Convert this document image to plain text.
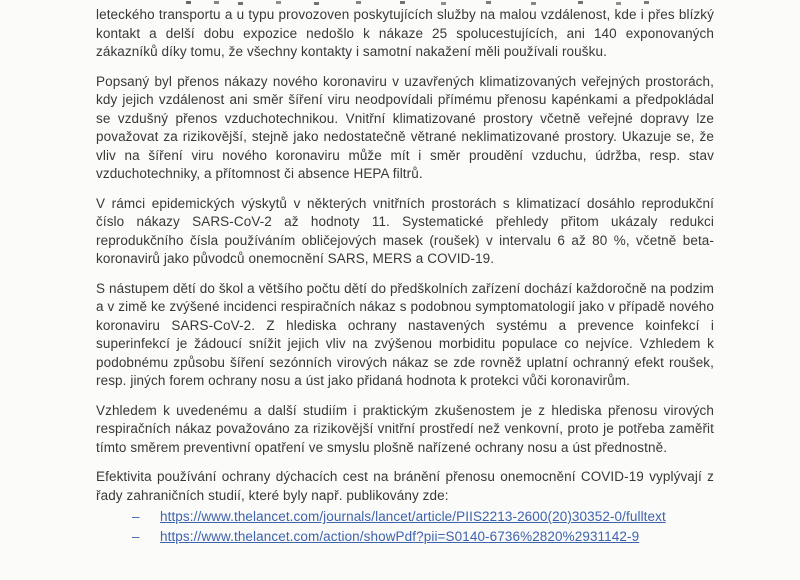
leteckého transportu a u typu provozoven poskytujících služby na malou vzdálenost, kde i přes blízký kontakt a delší dobu expozice nedošlo k nákaze 25 spolucestujících, ani 140 exponovaných zákazníků díky tomu, že všechny kontakty i samotní nakažení měli používali roušku.

Popsaný byl přenos nákazy nového koronaviru v uzavřených klimatizovaných veřejných prostorách, kdy jejich vzdálenost ani směr šíření viru neodpovídali přímému přenosu kapénkami a předpokládal se vzdušný přenos vzduchotechnikou. Vnitřní klimatizované prostory včetně veřejné dopravy lze považovat za rizikovější, stejně jako nedostatečně větrané neklimatizované prostory. Ukazuje se, že vliv na šíření viru nového koronaviru může mít i směr proudění vzduchu, údržba, resp. stav vzduchotechniky, a přítomnost či absence HEPA filtrů.

V rámci epidemických výskytů v některých vnitřních prostorách s klimatizací dosáhlo reprodukční číslo nákazy SARS-CoV-2 až hodnoty 11. Systematické přehledy přitom ukázaly redukci reprodukčního čísla používáním obličejových masek (roušek) v intervalu 6 až 80 %, včetně beta-koronavirů jako původců onemocnění SARS, MERS a COVID-19.

S nástupem dětí do škol a většího počtu dětí do předškolních zařízení dochází každoročně na podzim a v zimě ke zvýšené incidenci respiračních nákaz s podobnou symptomatologií jako v případě nového koronaviru SARS-CoV-2. Z hlediska ochrany nastavených systému a prevence koinfekcí i superinfekcí je žádoucí snížit jejich vliv na zvýšenou morbiditu populace co nejvíce. Vzhledem k podobnému způsobu šíření sezónních virových nákaz se zde rovněž uplatní ochranný efekt roušek, resp. jiných forem ochrany nosu a úst jako přidaná hodnota k protekci vůči koronavirům.

Vzhledem k uvedenému a další studiím i praktickým zkušenostem je z hlediska přenosu virových respiračních nákaz považováno za rizikovější vnitřní prostředí než venkovní, proto je potřeba zaměřit tímto směrem preventivní opatření ve smyslu plošně nařízené ochrany nosu a úst přednostně.

Efektivita používání ochrany dýchacích cest na bránění přenosu onemocnění COVID-19 vyplývají z řady zahraničních studií, které byly např. publikovány zde:

–	https://www.thelancet.com/journals/lancet/article/PIIS2213-2600(20)30352-0/fulltext
–	https://www.thelancet.com/action/showPdf?pii=S0140-6736%2820%2931142-9
